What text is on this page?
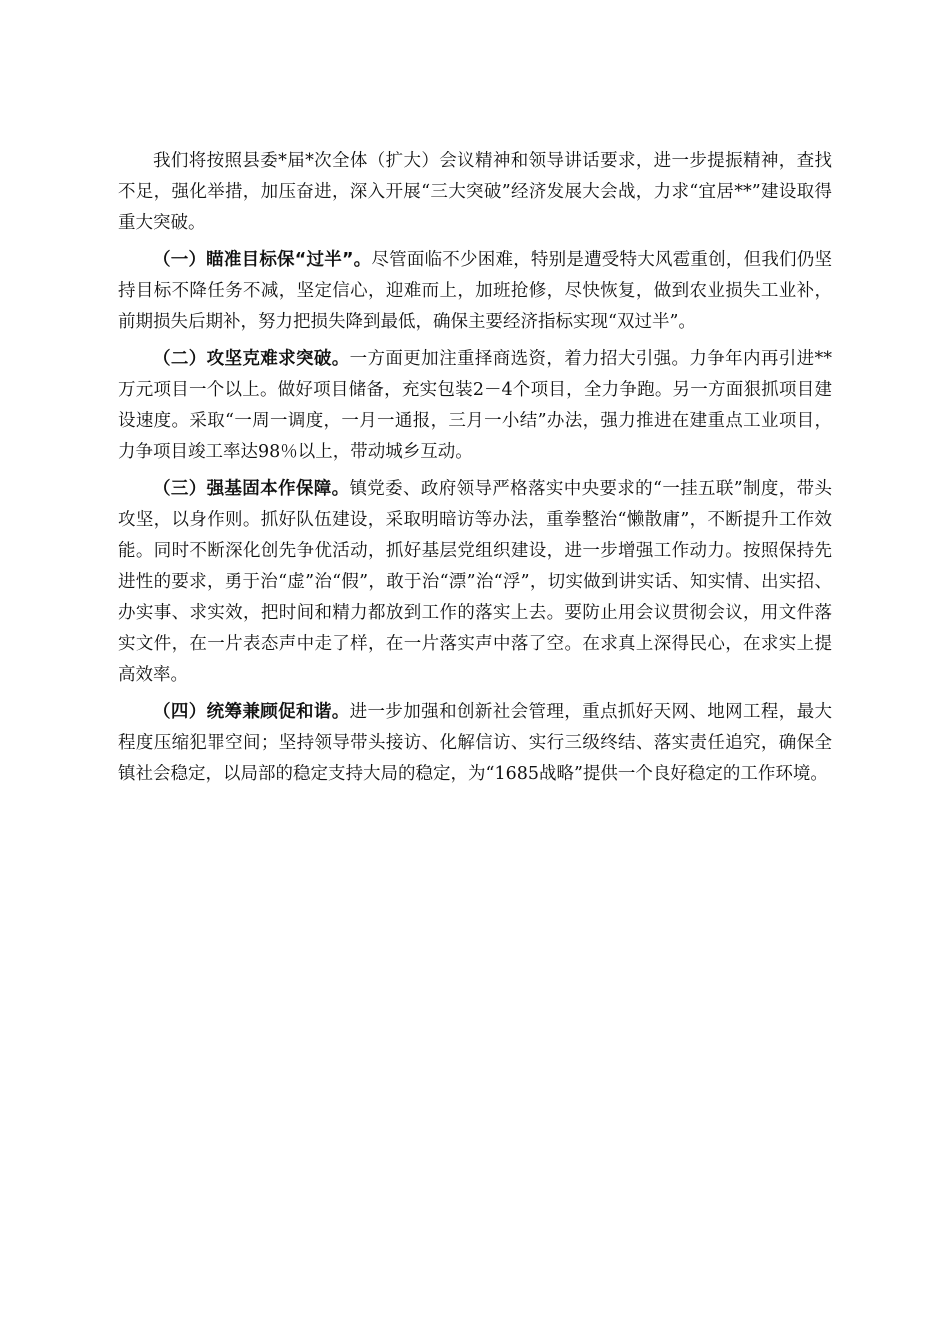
我们将按照县委*届*次全体（扩大）会议精神和领导讲话要求，进一步提振精神，查找不足，强化举措，加压奋进，深入开展“三大突破”经济发展大会战，力求“宜居**”建设取得重大突破。

（一）瞄准目标保“过半”。尽管面临不少困难，特别是遭受特大风雹重创，但我们仍坚持目标不降任务不减，坚定信心，迎难而上，加班抢修，尽快恢复，做到农业损失工业补，前期损失后期补，努力把损失降到最低，确保主要经济指标实现“双过半”。

（二）攻坚克难求突破。一方面更加注重择商选资，着力招大引强。力争年内再引进**万元项目一个以上。做好项目储备，充实包装2－4个项目，全力争跑。另一方面狠抓项目建设速度。采取“一周一调度，一月一通报，三月一小结”办法，强力推进在建重点工业项目，力争项目竣工率达98％以上，带动城乡互动。

（三）强基固本作保障。镇党委、政府领导严格落实中央要求的“一挂五联”制度，带头攻坚，以身作则。抓好队伍建设，采取明暗访等办法，重拳整治“懒散庸”，不断提升工作效能。同时不断深化创先争优活动，抓好基层党组织建设，进一步增强工作动力。按照保持先进性的要求，勇于治“虚”治“假”，敢于治“漂”治“浮”，切实做到讲实话、知实情、出实招、办实事、求实效，把时间和精力都放到工作的落实上去。要防止用会议贯彻会议，用文件落实文件，在一片表态声中走了样，在一片落实声中落了空。在求真上深得民心，在求实上提高效率。

（四）统筹兼顾促和谐。进一步加强和创新社会管理，重点抓好天网、地网工程，最大程度压缩犯罪空间；坚持领导带头接访、化解信访、实行三级终结、落实责任追究，确保全镇社会稳定，以局部的稳定支持大局的稳定，为“1685战略”提供一个良好稳定的工作环境。
